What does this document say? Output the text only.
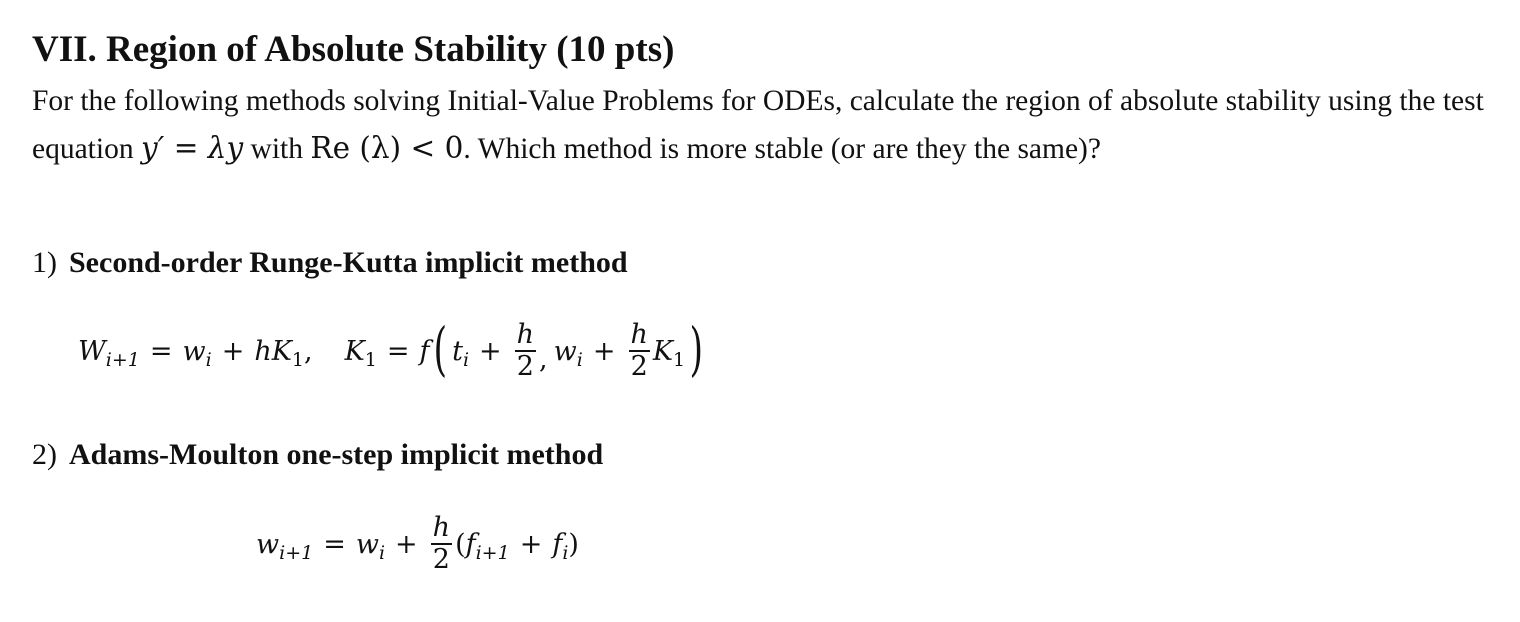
VII. Region of Absolute Stability (10 pts)

For the following methods solving Initial-Value Problems for ODEs, calculate the region of absolute stability using the test equation y′ = λy with Re (λ) < 0. Which method is more stable (or are they the same)?

1) Second-order Runge-Kutta implicit method
W i+1 = w i + hK 1 , K 1 = f ( t $i + \frac{h}{2}$ , w $i + \frac{h}{2}$ K 1 )
2) Adams-Moulton one-step implicit method
w i+1 = w $i + \frac{h}{2}$ ( f i+1 + f i )
